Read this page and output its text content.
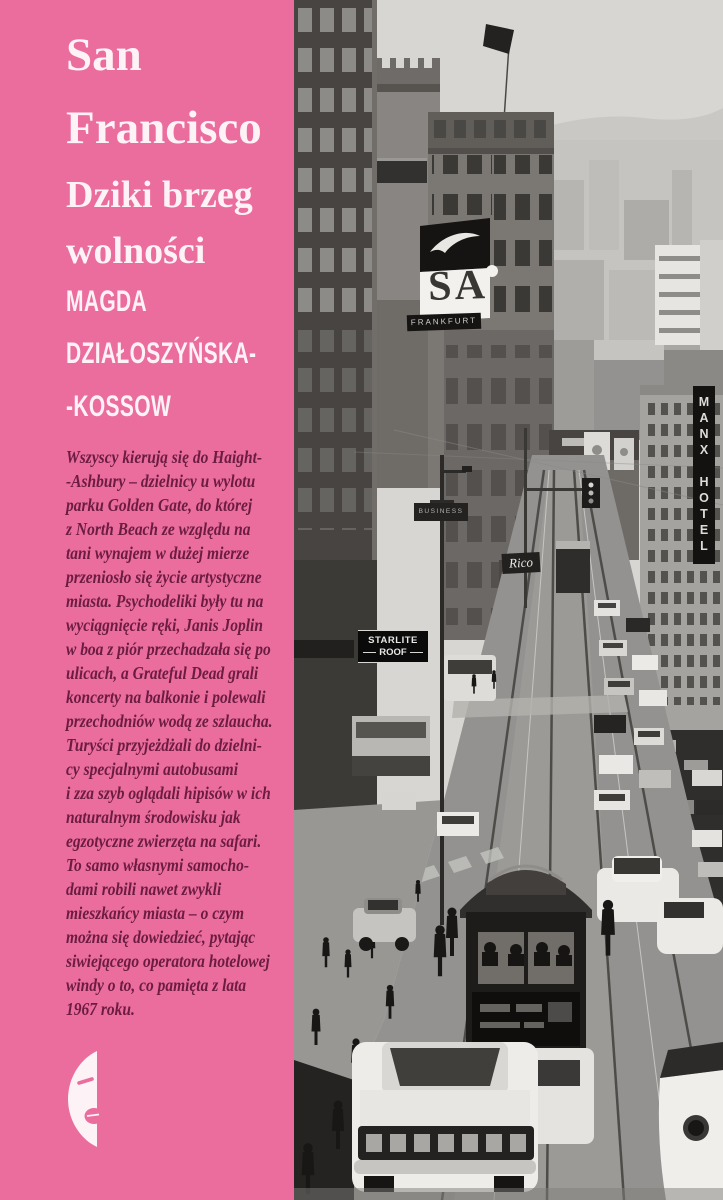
San
Francisco
Dziki brzeg
wolności
MAGDA
DZIAŁOSZYŃSKA-
-KOSSOW
Wszyscy kierują się do Haight-
-Ashbury – dzielnicy u wylotu
parku Golden Gate, do której
z North Beach ze względu na
tani wynajem w dużej mierze
przeniosło się życie artystyczne
miasta. Psychodeliki były tu na
wyciągnięcie ręki, Janis Joplin
w boa z piór przechadzała się po
ulicach, a Grateful Dead grali
koncerty na balkonie i polewali
przechodniów wodą ze szlaucha.
Turyści przyjeżdżali do dzielni-
cy specjalnymi autobusami
i zza szyb oglądali hipisów w ich
naturalnym środowisku jak
egzotyczne zwierzęta na safari.
To samo własnymi samocho-
dami robili nawet zwykli
mieszkańcy miasta – o czym
można się dowiedzieć, pytając
siwiejącego operatora hotelowej
windy o to, co pamięta z lata
1967 roku.
SA
FRANKFURT
STARLITE
ROOF
Rico
MANX HOTEL
BUSINESS
